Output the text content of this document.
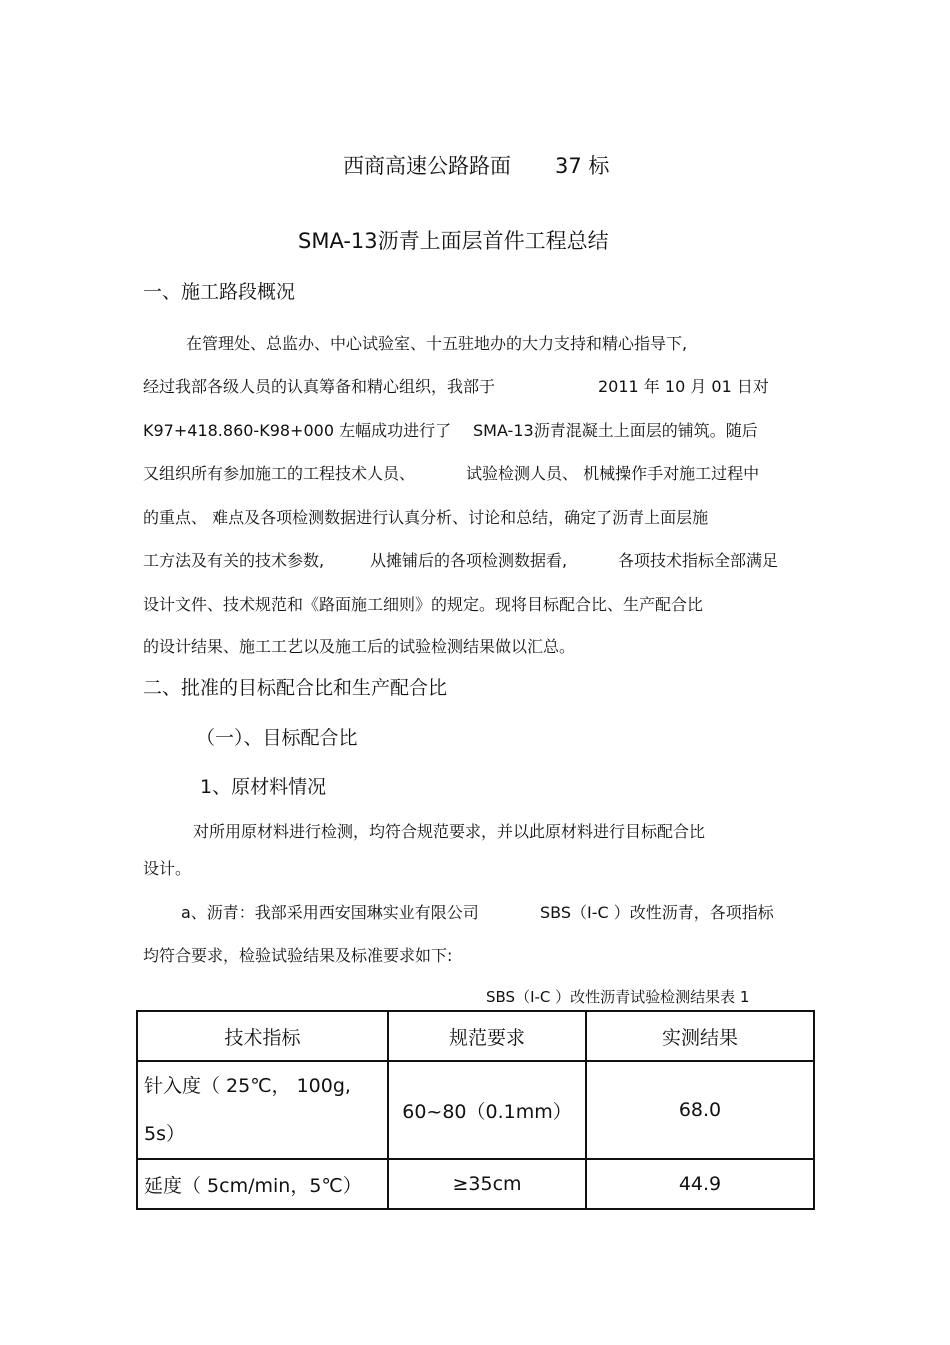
西商高速公路路面 37 标
SMA-13沥青上面层首件工程总结
一、施工路段概况
在管理处、总监办、中心试验室、十五驻地办的大力支持和精心指导下,
经过我部各级人员的认真筹备和精心组织，我部于	2011 年 10 月 01 日对
K97+418.860-K98+000 左幅成功进行了 SMA-13沥青混凝土上面层的铺筑。随后
又组织所有参加施工的工程技术人员、	试验检测人员、 机械操作手对施工过程中
的重点、 难点及各项检测数据进行认真分析、讨论和总结，确定了沥青上面层施
工方法及有关的技术参数,	从摊铺后的各项检测数据看,	各项技术指标全部满足
设计文件、技术规范和《路面施工细则》的规定。现将目标配合比、生产配合比
的设计结果、施工工艺以及施工后的试验检测结果做以汇总。
二、批准的目标配合比和生产配合比
（一）、目标配合比
1、原材料情况
对所用原材料进行检测，均符合规范要求，并以此原材料进行目标配合比
设计。
a、沥青：我部采用西安国琳实业有限公司	SBS（I-C ）改性沥青，各项指标
均符合要求，检验试验结果及标准要求如下:
SBS（I-C ）改性沥青试验检测结果表 1
技术指标	规范要求	实测结果

针入度（ 25℃， 100g,
5s）	60~80（0.1mm）	68.0
延度（ 5cm/min，5℃）	≥35cm	44.9
